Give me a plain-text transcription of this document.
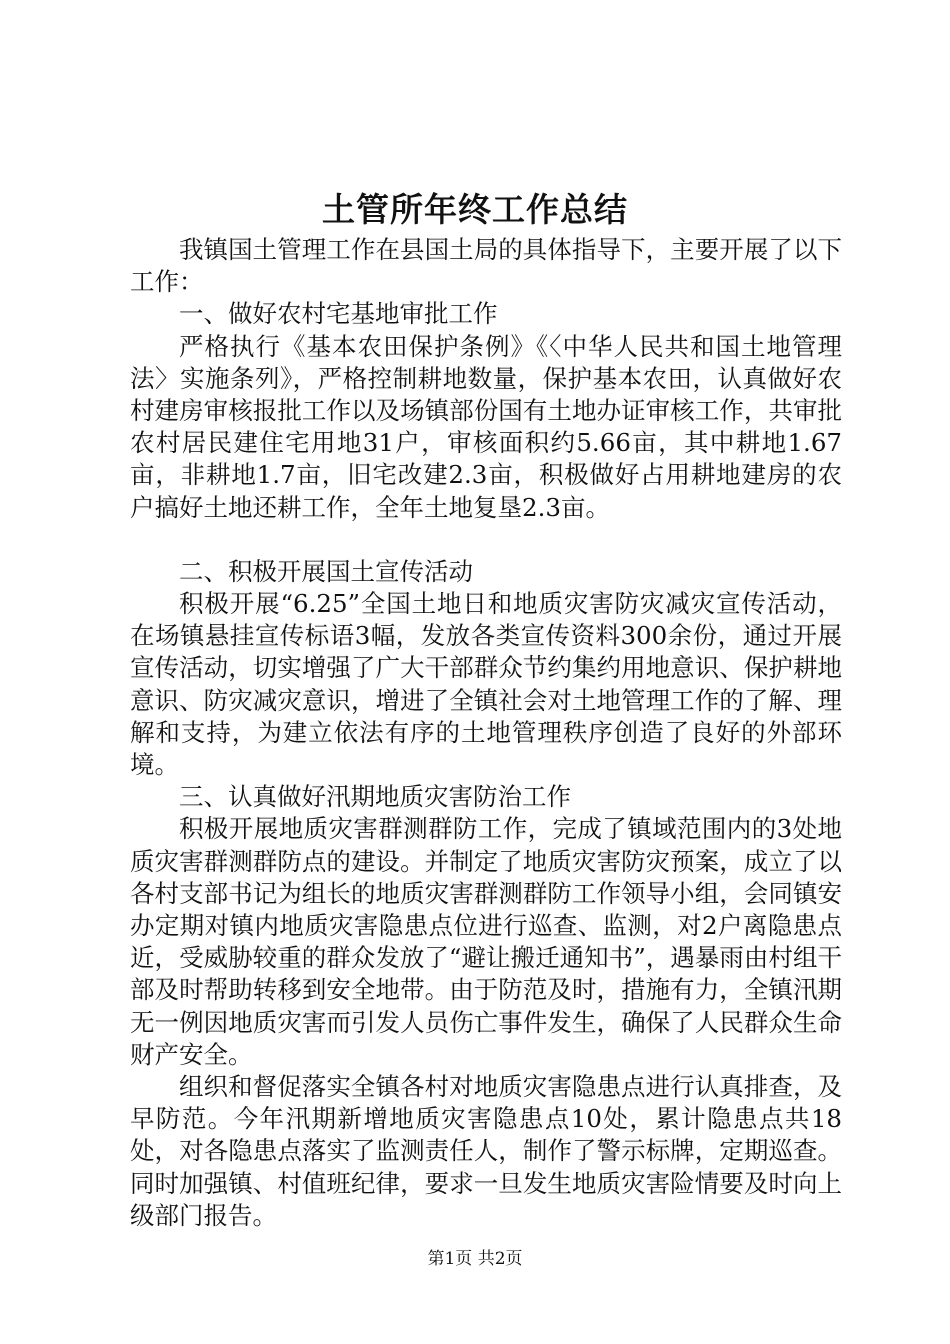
土管所年终工作总结

我镇国土管理工作在县国土局的具体指导下，主要开展了以下工作：

一、做好农村宅基地审批工作

严格执行《基本农田保护条例》《〈中华人民共和国土地管理法〉实施条列》，严格控制耕地数量，保护基本农田，认真做好农村建房审核报批工作以及场镇部份国有土地办证审核工作，共审批农村居民建住宅用地31户，审核面积约5.66亩，其中耕地1.67亩，非耕地1.7亩，旧宅改建2.3亩，积极做好占用耕地建房的农户搞好土地还耕工作，全年土地复垦2.3亩。

二、积极开展国土宣传活动

积极开展“6.25”全国土地日和地质灾害防灾减灾宣传活动，在场镇悬挂宣传标语3幅，发放各类宣传资料300余份，通过开展宣传活动，切实增强了广大干部群众节约集约用地意识、保护耕地意识、防灾减灾意识，增进了全镇社会对土地管理工作的了解、理解和支持，为建立依法有序的土地管理秩序创造了良好的外部环境。

三、认真做好汛期地质灾害防治工作

积极开展地质灾害群测群防工作，完成了镇域范围内的3处地质灾害群测群防点的建设。并制定了地质灾害防灾预案，成立了以各村支部书记为组长的地质灾害群测群防工作领导小组，会同镇安办定期对镇内地质灾害隐患点位进行巡查、监测，对2户离隐患点近，受威胁较重的群众发放了“避让搬迁通知书”，遇暴雨由村组干部及时帮助转移到安全地带。由于防范及时，措施有力，全镇汛期无一例因地质灾害而引发人员伤亡事件发生，确保了人民群众生命财产安全。

组织和督促落实全镇各村对地质灾害隐患点进行认真排查，及早防范。今年汛期新增地质灾害隐患点10处，累计隐患点共18处，对各隐患点落实了监测责任人，制作了警示标牌，定期巡查。同时加强镇、村值班纪律，要求一旦发生地质灾害险情要及时向上级部门报告。

第1页 共2页
